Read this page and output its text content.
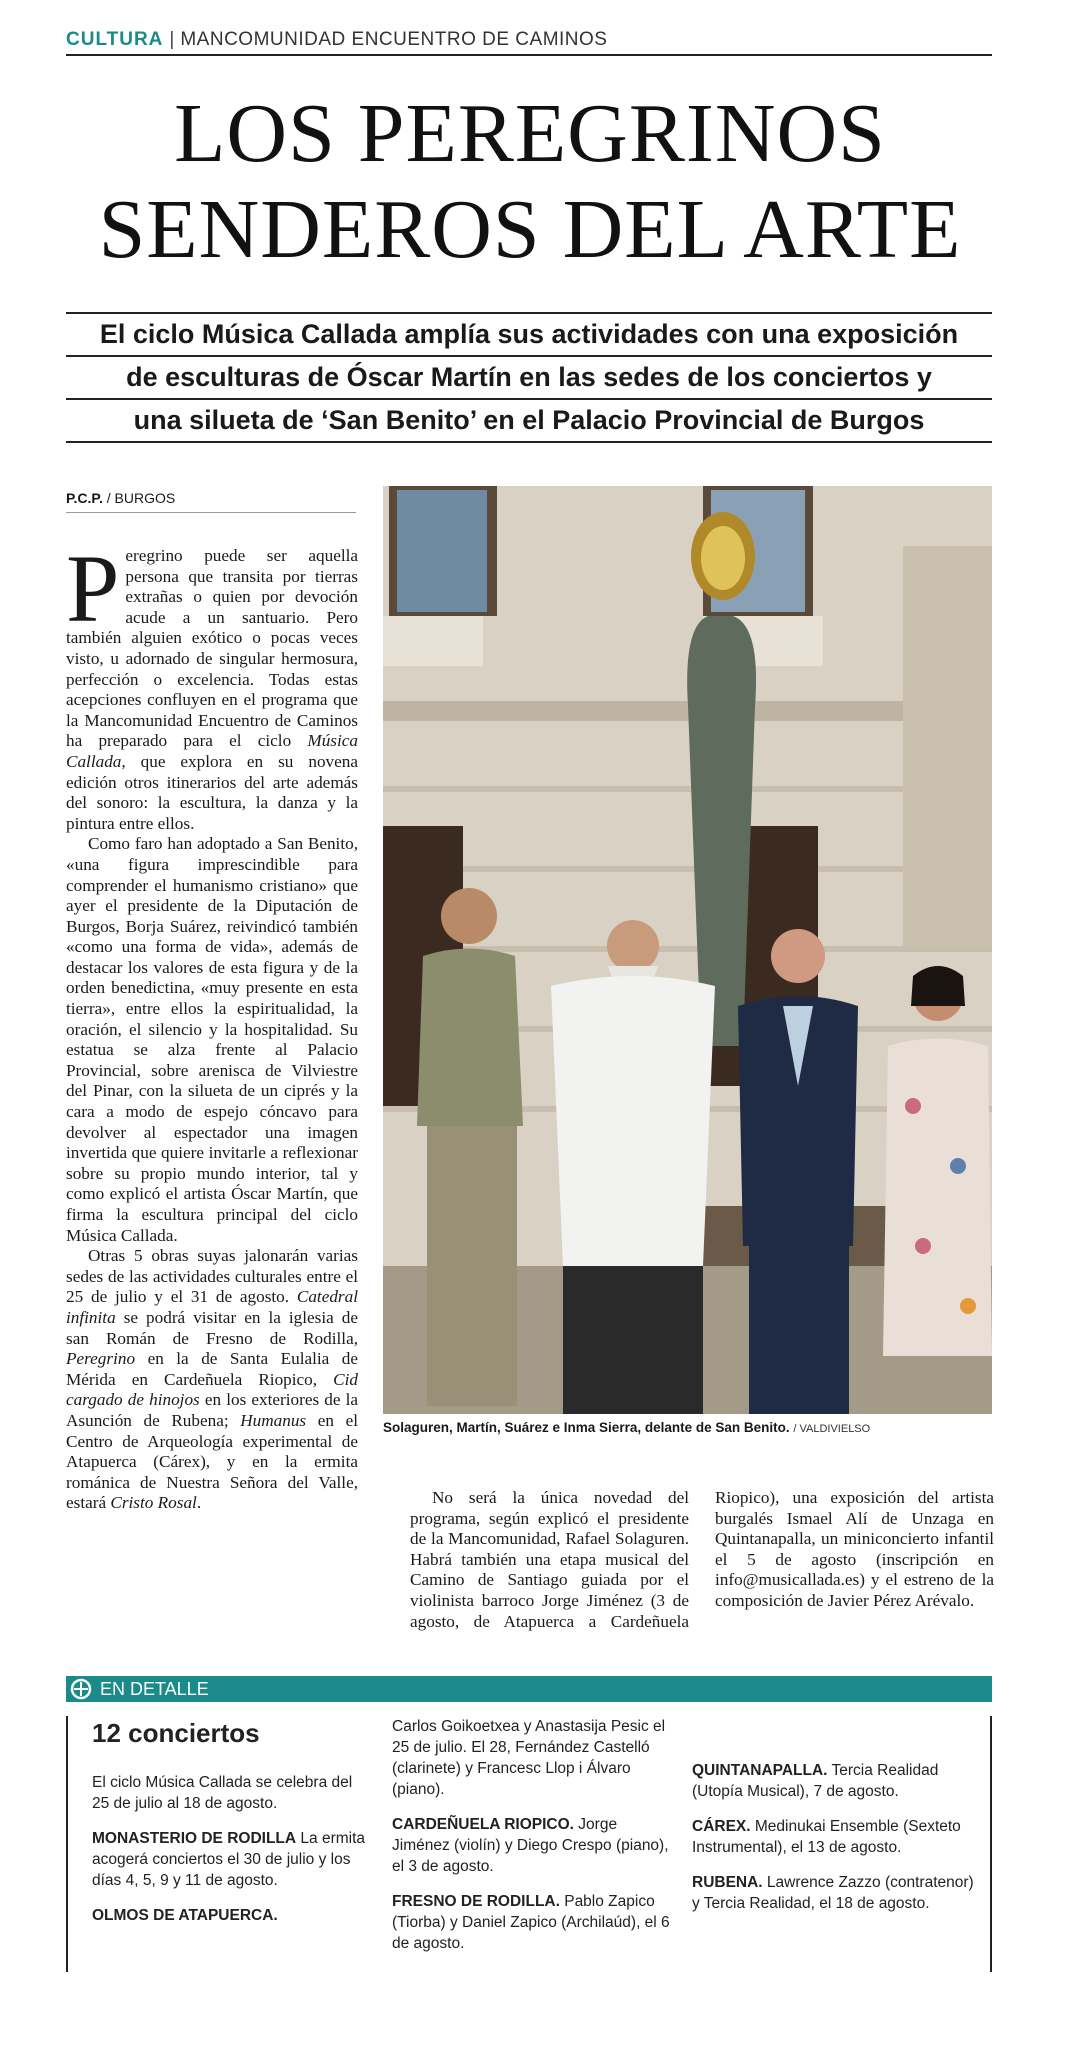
CULTURA | MANCOMUNIDAD ENCUENTRO DE CAMINOS
LOS PEREGRINOS
SENDEROS DEL ARTE
El ciclo Música Callada amplía sus actividades con una exposición
de esculturas de Óscar Martín en las sedes de los conciertos y
una silueta de ‘San Benito’ en el Palacio Provincial de Burgos
P.C.P. / BURGOS

Peregrino puede ser aquella persona que transita por tierras extrañas o quien por devoción acude a un santuario. Pero también alguien exótico o pocas veces visto, u adornado de singular hermosura, perfección o excelencia. Todas estas acepciones confluyen en el programa que la Mancomunidad Encuentro de Caminos ha preparado para el ciclo Música Callada, que explora en su novena edición otros itinerarios del arte además del sonoro: la escultura, la danza y la pintura entre ellos.

Como faro han adoptado a San Benito, «una figura imprescindible para comprender el humanismo cristiano» que ayer el presidente de la Diputación de Burgos, Borja Suárez, reivindicó también «como una forma de vida», además de destacar los valores de esta figura y de la orden benedictina, «muy presente en esta tierra», entre ellos la espiritualidad, la oración, el silencio y la hospitalidad. Su estatua se alza frente al Palacio Provincial, sobre arenisca de Vilviestre del Pinar, con la silueta de un ciprés y la cara a modo de espejo cóncavo para devolver al espectador una imagen invertida que quiere invitarle a reflexionar sobre su propio mundo interior, tal y como explicó el artista Óscar Martín, que firma la escultura principal del ciclo Música Callada.

Otras 5 obras suyas jalonarán varias sedes de las actividades culturales entre el 25 de julio y el 31 de agosto. Catedral infinita se podrá visitar en la iglesia de san Román de Fresno de Rodilla, Peregrino en la de Santa Eulalia de Mérida en Cardeñuela Riopico, Cid cargado de hinojos en los exteriores de la Asunción de Rubena; Humanus en el Centro de Arqueología experimental de Atapuerca (Cárex), y en la ermita románica de Nuestra Señora del Valle, estará Cristo Rosal.

Solaguren, Martín, Suárez e Inma Sierra, delante de San Benito. / VALDIVIELSO

No será la única novedad del programa, según explicó el presidente de la Mancomunidad, Rafael Solaguren. Habrá también una etapa musical del Camino de Santiago guiada por el violinista barroco Jorge Jiménez (3 de agosto, de Atapuerca a Cardeñuela Riopico), una exposición del artista burgalés Ismael Alí de Unzaga en Quintanapalla, un miniconcierto infantil el 5 de agosto (inscripción en info@musicallada.es) y el estreno de la composición de Javier Pérez Arévalo.

EN DETALLE
12 conciertos

El ciclo Música Callada se celebra del 25 de julio al 18 de agosto.

MONASTERIO DE RODILLA La ermita acogerá conciertos el 30 de julio y los días 4, 5, 9 y 11 de agosto.

OLMOS DE ATAPUERCA.

Carlos Goikoetxea y Anastasija Pesic el 25 de julio. El 28, Fernández Castelló (clarinete) y Francesc Llop i Álvaro (piano).

CARDEÑUELA RIOPICO. Jorge Jiménez (violín) y Diego Crespo (piano), el 3 de agosto.

FRESNO DE RODILLA. Pablo Zapico (Tiorba) y Daniel Zapico (Archilaúd), el 6 de agosto.

QUINTANAPALLA. Tercia Realidad (Utopía Musical), 7 de agosto.

CÁREX. Medinukai Ensemble (Sexteto Instrumental), el 13 de agosto.

RUBENA. Lawrence Zazzo (contratenor) y Tercia Realidad, el 18 de agosto.
